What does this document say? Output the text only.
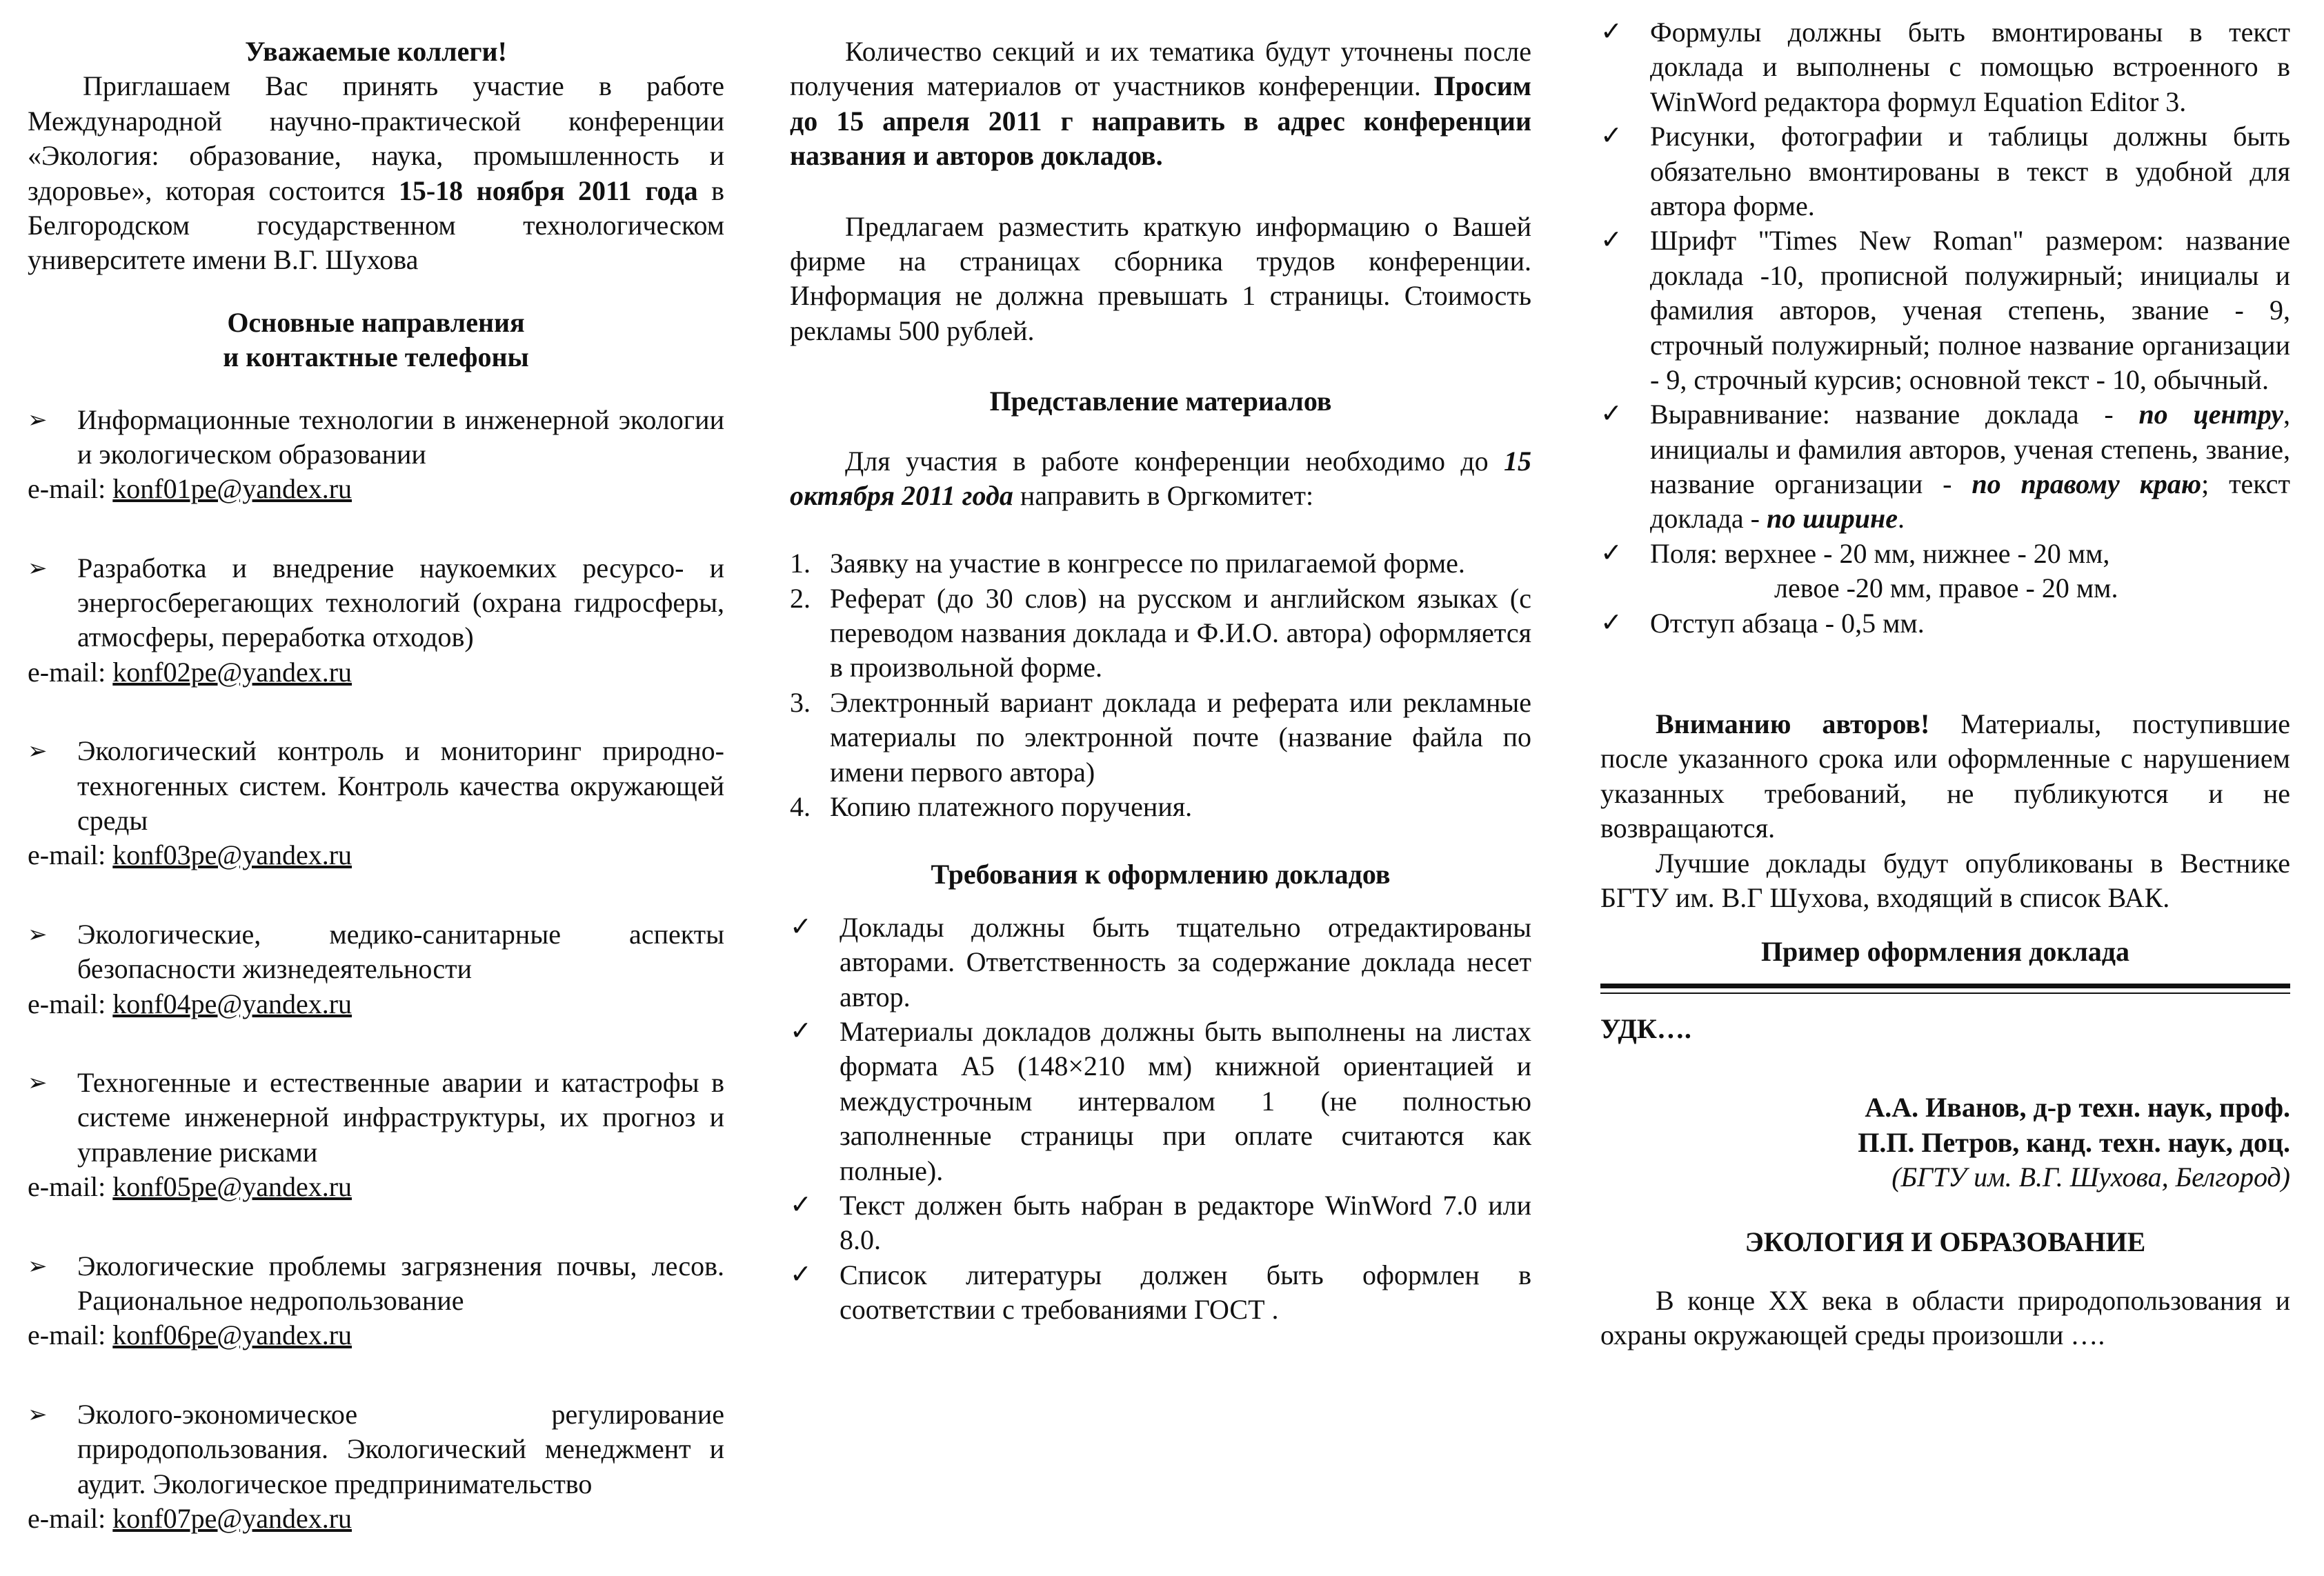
Уважаемые коллеги!

Приглашаем Вас принять участие в работе Международной научно-практической конференции «Экология: образование, наука, промышленность и здоровье», которая состоится 15-18 ноября 2011 года в Белгородском государственном технологическом университете имени В.Г. Шухова

Основные направления
и контактные телефоны
➢	Информационные технологии в инженерной экологии и экологическом образовании
e-mail: konf01pe@yandex.ru
➢	Разработка и внедрение наукоемких ресурсо- и энергосберегающих технологий (охрана гидросферы, атмосферы, переработка отходов)
e-mail: konf02pe@yandex.ru
➢	Экологический контроль и мониторинг природно-техногенных систем. Контроль качества окружающей среды
e-mail: konf03pe@yandex.ru
➢	Экологические, медико-санитарные аспекты безопасности жизнедеятельности
e-mail: konf04pe@yandex.ru
➢	Техногенные и естественные аварии и катастрофы в системе инженерной инфраструктуры, их прогноз и управление рисками
e-mail: konf05pe@yandex.ru
➢	Экологические проблемы загрязнения почвы, лесов. Рациональное недропользование
e-mail: konf06pe@yandex.ru
➢	Эколого-экономическое регулирование природопользования. Экологический менеджмент и аудит. Экологическое предпринимательство
e-mail: konf07pe@yandex.ru

Количество секций и их тематика будут уточнены после получения материалов от участников конференции. Просим до 15 апреля 2011 г направить в адрес конференции названия и авторов докладов.

Предлагаем разместить краткую информацию о Вашей фирме на страницах сборника трудов конференции. Информация не должна превышать 1 страницы. Стоимость рекламы 500 рублей.

Представление материалов

Для участия в работе конференции необходимо до 15 октября 2011 года направить в Оргкомитет:

1. Заявку на участие в конгрессе по прилагаемой форме.
2. Реферат (до 30 слов) на русском и английском языках (с переводом названия доклада и Ф.И.О. автора) оформляется в произвольной форме.
3. Электронный вариант доклада и реферата или рекламные материалы по электронной почте (название файла по имени первого автора)
4. Копию платежного поручения.

Требования к оформлению докладов

✓	Доклады должны быть тщательно отредактированы авторами. Ответственность за содержание доклада несет автор.
✓	Материалы докладов должны быть выполнены на листах формата А5 (148×210 мм) книжной ориентацией и междустрочным интервалом 1 (не полностью заполненные страницы при оплате считаются как полные).
✓	Текст должен быть набран в редакторе WinWord 7.0 или 8.0.
✓	Список литературы должен быть оформлен в соответствии с требованиями ГОСТ .
✓	Формулы должны быть вмонтированы в текст доклада и выполнены с помощью встроенного в WinWord редактора формул Equation Editor 3.
✓	Рисунки, фотографии и таблицы должны быть обязательно вмонтированы в текст в удобной для автора форме.
✓	Шрифт "Times New Roman" размером: название доклада -10, прописной полужирный; инициалы и фамилия авторов, ученая степень, звание - 9, строчный полужирный; полное название организации - 9, строчный курсив; основной текст - 10, обычный.
✓	Выравнивание: название доклада - по центру, инициалы и фамилия авторов, ученая степень, звание, название организации - по правому краю; текст доклада - по ширине.
✓	Поля: верхнее - 20 мм, нижнее - 20 мм,
левое -20 мм, правое - 20 мм.
✓	Отступ абзаца - 0,5 мм.

Вниманию авторов! Материалы, поступившие после указанного срока или оформленные с нарушением указанных требований, не публикуются и не возвращаются.

Лучшие доклады будут опубликованы в Вестнике БГТУ им. В.Г Шухова, входящий в список ВАК.

Пример оформления доклада

УДК….

А.А. Иванов, д-р техн. наук, проф.

П.П. Петров, канд. техн. наук, доц.

(БГТУ им. В.Г. Шухова, Белгород)

ЭКОЛОГИЯ И ОБРАЗОВАНИЕ

В конце ХХ века в области природопользования и охраны окружающей среды произошли ….
